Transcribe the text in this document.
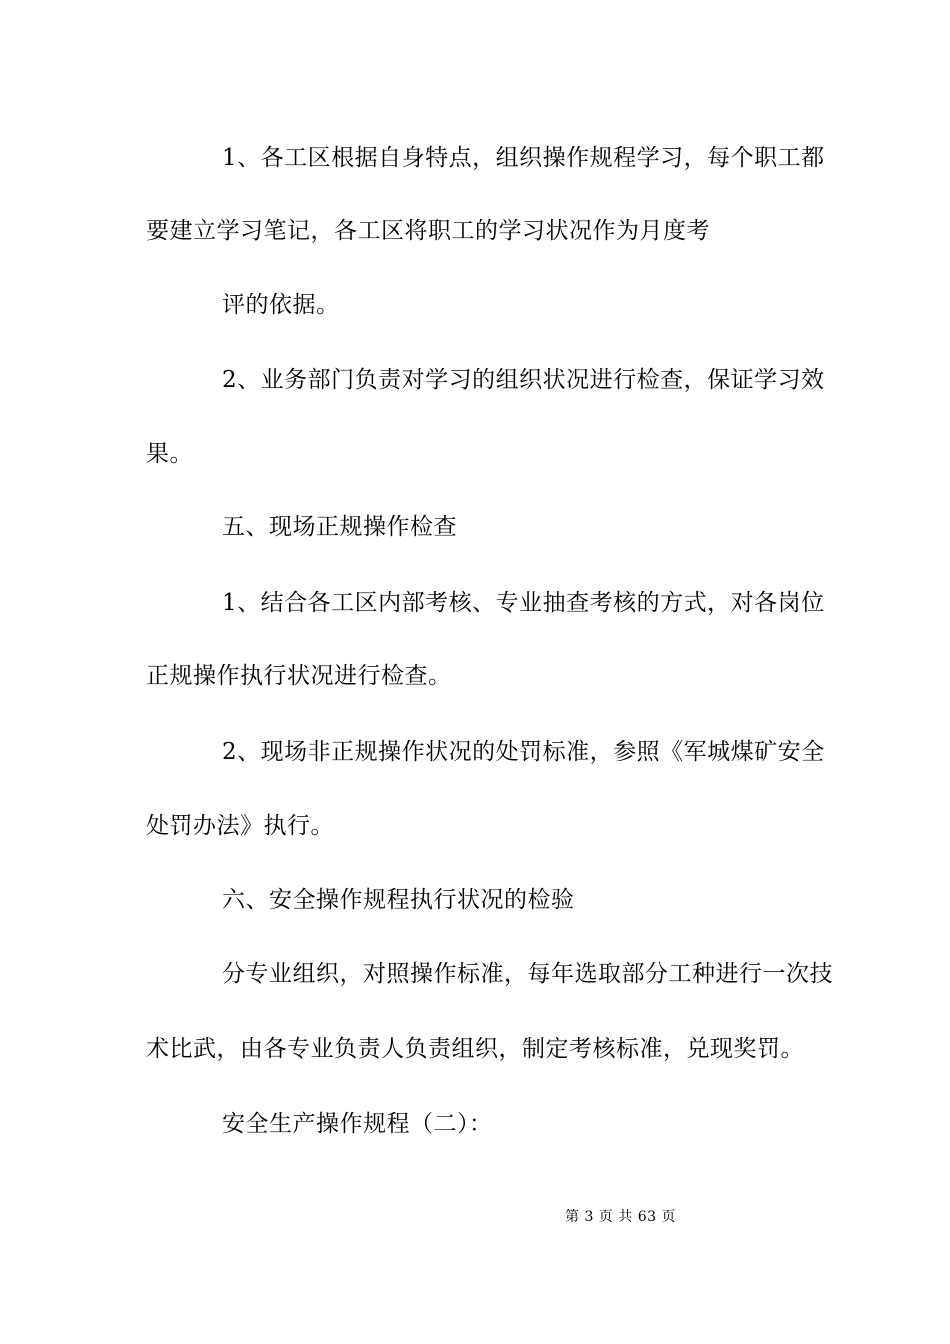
1、各工区根据自身特点，组织操作规程学习，每个职工都
要建立学习笔记，各工区将职工的学习状况作为月度考
评的依据。
2、业务部门负责对学习的组织状况进行检查，保证学习效
果。
五、现场正规操作检查
1、结合各工区内部考核、专业抽查考核的方式，对各岗位
正规操作执行状况进行检查。
2、现场非正规操作状况的处罚标准，参照《军城煤矿安全
处罚办法》执行。
六、安全操作规程执行状况的检验
分专业组织，对照操作标准，每年选取部分工种进行一次技
术比武，由各专业负责人负责组织，制定考核标准，兑现奖罚。
安全生产操作规程（二）：
第 3 页 共 63 页
